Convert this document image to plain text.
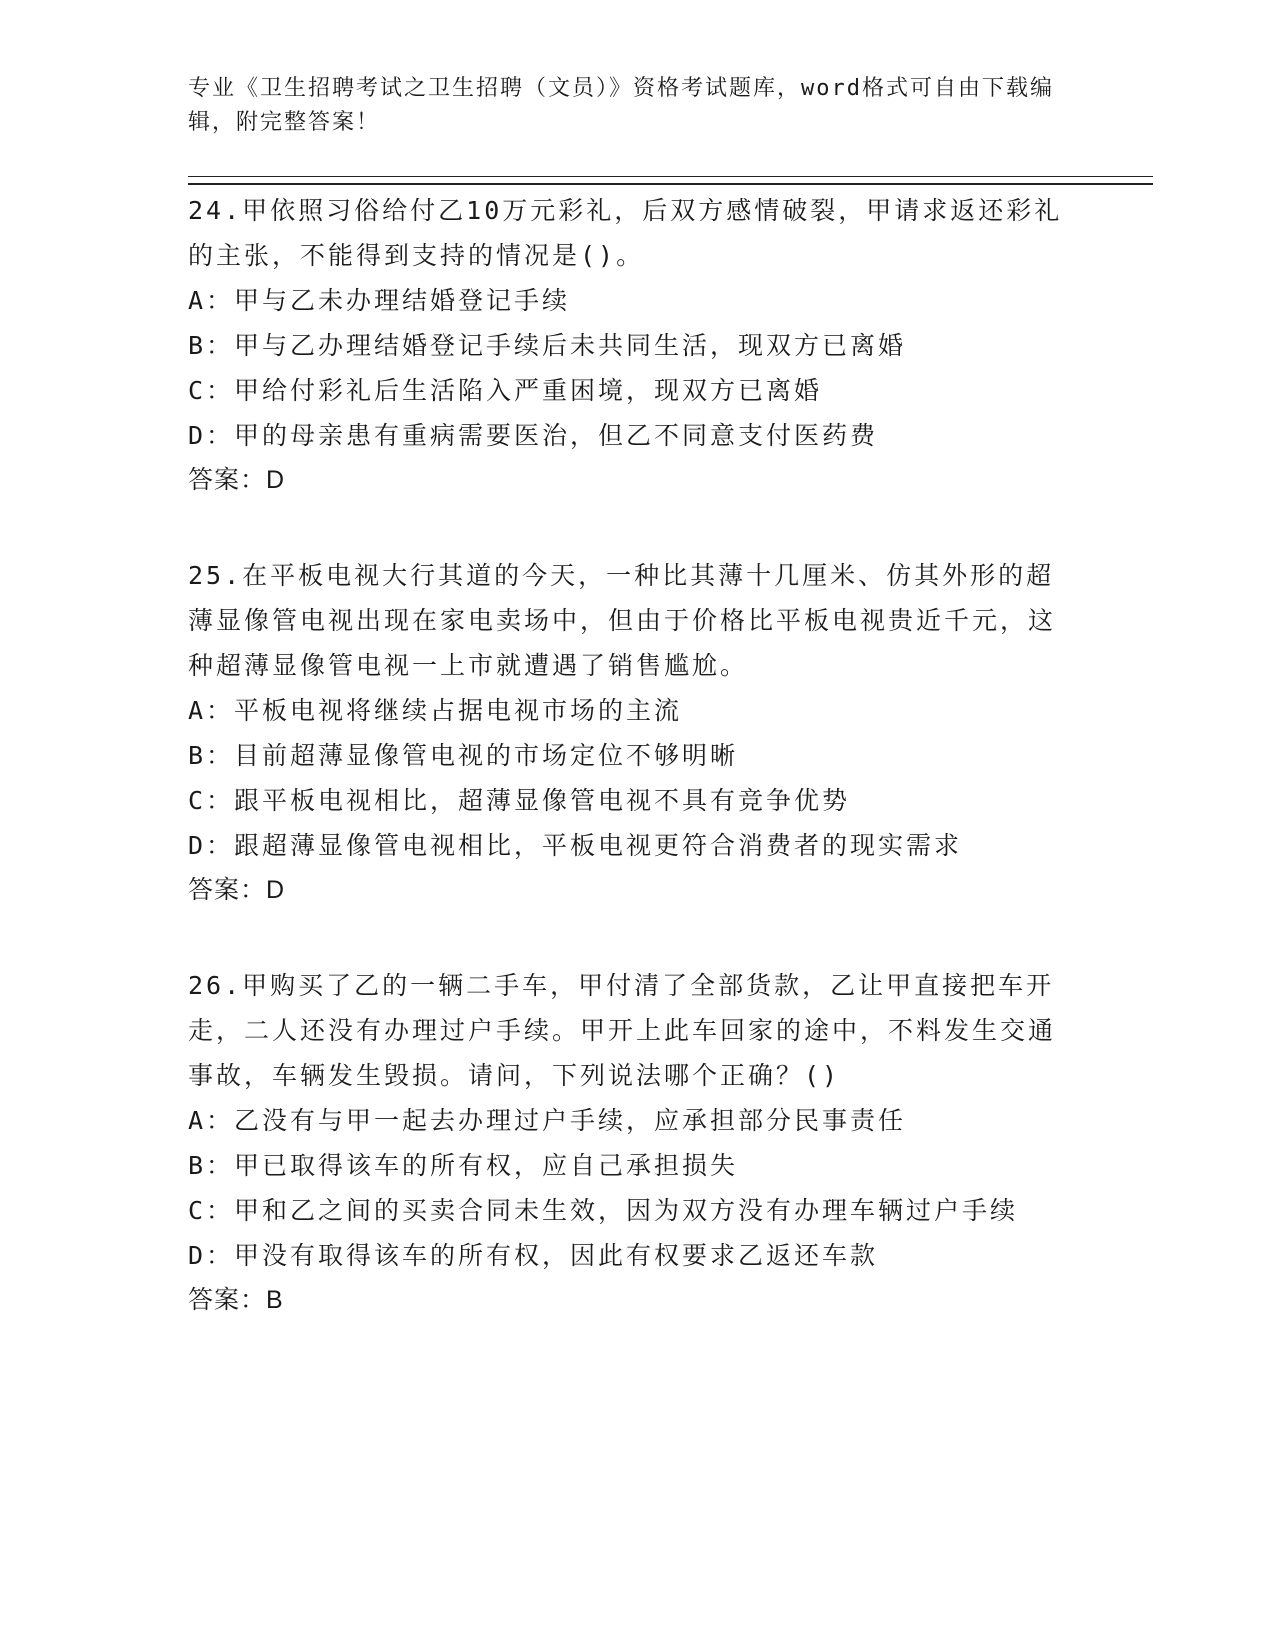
专业《卫生招聘考试之卫生招聘（文员）》资格考试题库，word格式可自由下载编辑，附完整答案！
24.甲依照习俗给付乙10万元彩礼，后双方感情破裂，甲请求返还彩礼的主张，不能得到支持的情况是()。
A：甲与乙未办理结婚登记手续
B：甲与乙办理结婚登记手续后未共同生活，现双方已离婚
C：甲给付彩礼后生活陷入严重困境，现双方已离婚
D：甲的母亲患有重病需要医治，但乙不同意支付医药费
答案：D
25.在平板电视大行其道的今天，一种比其薄十几厘米、仿其外形的超薄显像管电视出现在家电卖场中，但由于价格比平板电视贵近千元，这种超薄显像管电视一上市就遭遇了销售尴尬。
A：平板电视将继续占据电视市场的主流
B：目前超薄显像管电视的市场定位不够明晰
C：跟平板电视相比，超薄显像管电视不具有竞争优势
D：跟超薄显像管电视相比，平板电视更符合消费者的现实需求
答案：D
26.甲购买了乙的一辆二手车，甲付清了全部货款，乙让甲直接把车开走，二人还没有办理过户手续。甲开上此车回家的途中，不料发生交通事故，车辆发生毁损。请问，下列说法哪个正确？()
A：乙没有与甲一起去办理过户手续，应承担部分民事责任
B：甲已取得该车的所有权，应自己承担损失
C：甲和乙之间的买卖合同未生效，因为双方没有办理车辆过户手续
D：甲没有取得该车的所有权，因此有权要求乙返还车款
答案：B
